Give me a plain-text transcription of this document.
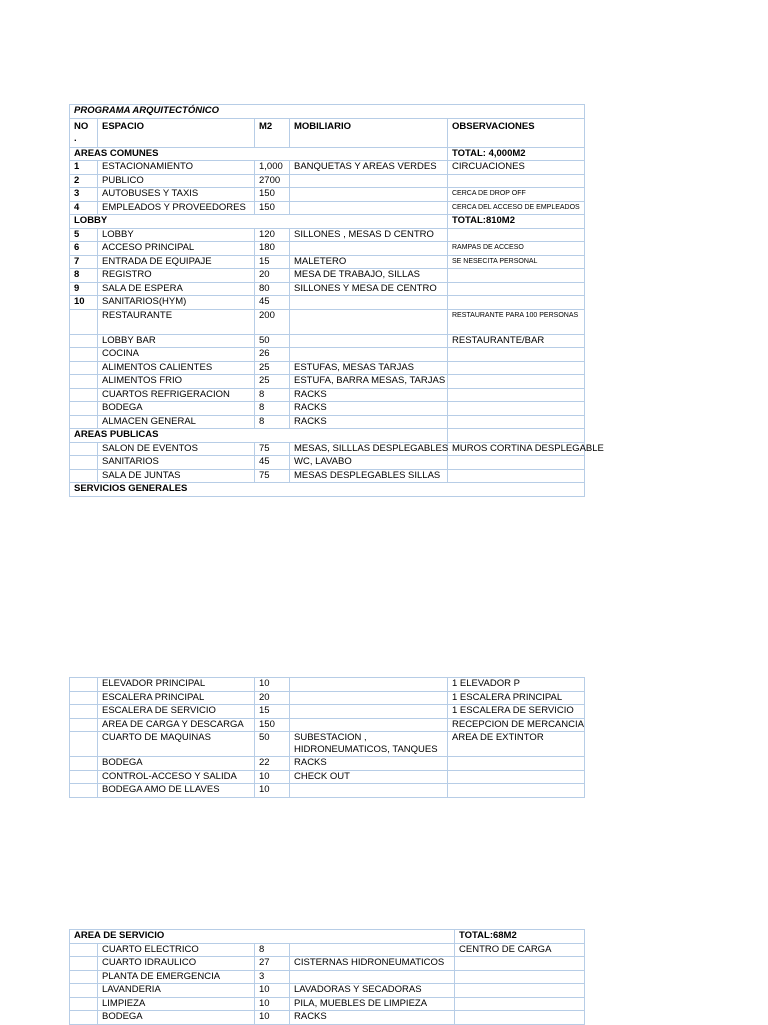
PROGRAMA ARQUITECTÓNICO				
NO .	ESPACIO	M2	MOBILIARIO	OBSERVACIONES
AREAS COMUNES				TOTAL: 4,000M2
1	ESTACIONAMIENTO	1,000	BANQUETAS Y AREAS VERDES	CIRCUACIONES
2	PUBLICO	2700		
3	AUTOBUSES Y TAXIS	150		CERCA DE DROP OFF
4	EMPLEADOS Y PROVEEDORES	150		CERCA DEL ACCESO DE EMPLEADOS
LOBBY				TOTAL:810M2
5	LOBBY	120	SILLONES , MESAS D CENTRO	
6	ACCESO PRINCIPAL	180		RAMPAS DE ACCESO
7	ENTRADA DE EQUIPAJE	15	MALETERO	SE NESECITA PERSONAL
8	REGISTRO	20	MESA DE TRABAJO, SILLAS	
9	SALA DE ESPERA	80	SILLONES Y MESA DE CENTRO	
10	SANITARIOS(HYM)	45		
	RESTAURANTE	200		RESTAURANTE PARA 100 PERSONAS
	LOBBY BAR	50		RESTAURANTE/BAR
	COCINA	26		
	ALIMENTOS CALIENTES	25	ESTUFAS, MESAS TARJAS	
	ALIMENTOS FRIO	25	ESTUFA, BARRA MESAS, TARJAS	
	CUARTOS REFRIGERACION	8	RACKS	
	BODEGA	8	RACKS	
	ALMACEN GENERAL	8	RACKS	
AREAS PUBLICAS				
	SALON DE EVENTOS	75	MESAS, SILLLAS DESPLEGABLES	MUROS CORTINA DESPLEGABLE
	SANITARIOS	45	WC, LAVABO	
	SALA DE JUNTAS	75	MESAS DESPLEGABLES SILLAS	
SERVICIOS GENERALES				
	ELEVADOR PRINCIPAL	10		1 ELEVADOR P
	ESCALERA PRINCIPAL	20		1 ESCALERA PRINCIPAL
	ESCALERA DE SERVICIO	15		1 ESCALERA DE SERVICIO
	AREA DE CARGA Y DESCARGA	150		RECEPCION DE MERCANCIA
	CUARTO DE MAQUINAS	50	SUBESTACION , HIDRONEUMATICOS, TANQUES	AREA DE EXTINTOR
	BODEGA	22	RACKS	
	CONTROL-ACCESO Y SALIDA	10	CHECK OUT	
	BODEGA AMO DE LLAVES	10		
AREA DE SERVICIO				TOTAL:68M2
	CUARTO ELECTRICO	8		CENTRO DE CARGA
	CUARTO IDRAULICO	27	CISTERNAS HIDRONEUMATICOS	
	PLANTA DE EMERGENCIA	3		
	LAVANDERIA	10	LAVADORAS Y SECADORAS	
	LIMPIEZA	10	PILA, MUEBLES DE LIMPIEZA	
	BODEGA	10	RACKS	
